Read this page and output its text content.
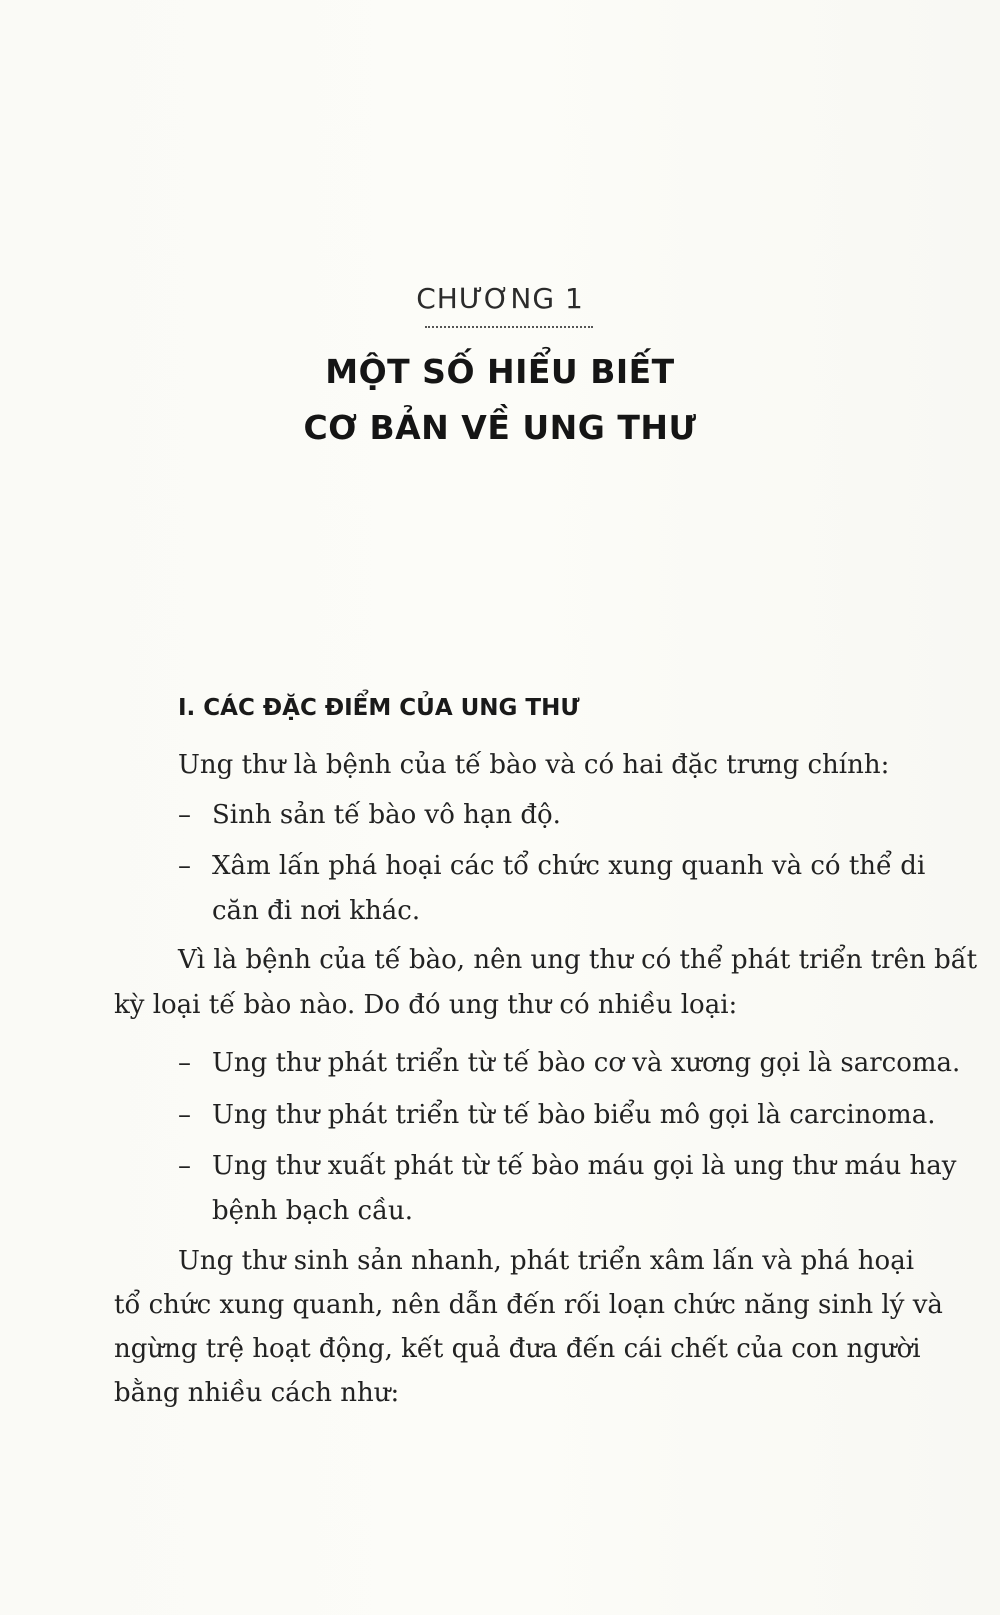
CHƯƠNG 1
MỘT SỐ HIỂU BIẾT
CƠ BẢN VỀ UNG THƯ
I. CÁC ĐẶC ĐIỂM CỦA UNG THƯ
Ung thư là bệnh của tế bào và có hai đặc trưng chính:
– Sinh sản tế bào vô hạn độ.
– Xâm lấn phá hoại các tổ chức xung quanh và có thể di
căn đi nơi khác.
Vì là bệnh của tế bào, nên ung thư có thể phát triển trên bất
kỳ loại tế bào nào. Do đó ung thư có nhiều loại:
– Ung thư phát triển từ tế bào cơ và xương gọi là sarcoma.
– Ung thư phát triển từ tế bào biểu mô gọi là carcinoma.
– Ung thư xuất phát từ tế bào máu gọi là ung thư máu hay
bệnh bạch cầu.
Ung thư sinh sản nhanh, phát triển xâm lấn và phá hoại
tổ chức xung quanh, nên dẫn đến rối loạn chức năng sinh lý và
ngừng trệ hoạt động, kết quả đưa đến cái chết của con người
bằng nhiều cách như:
